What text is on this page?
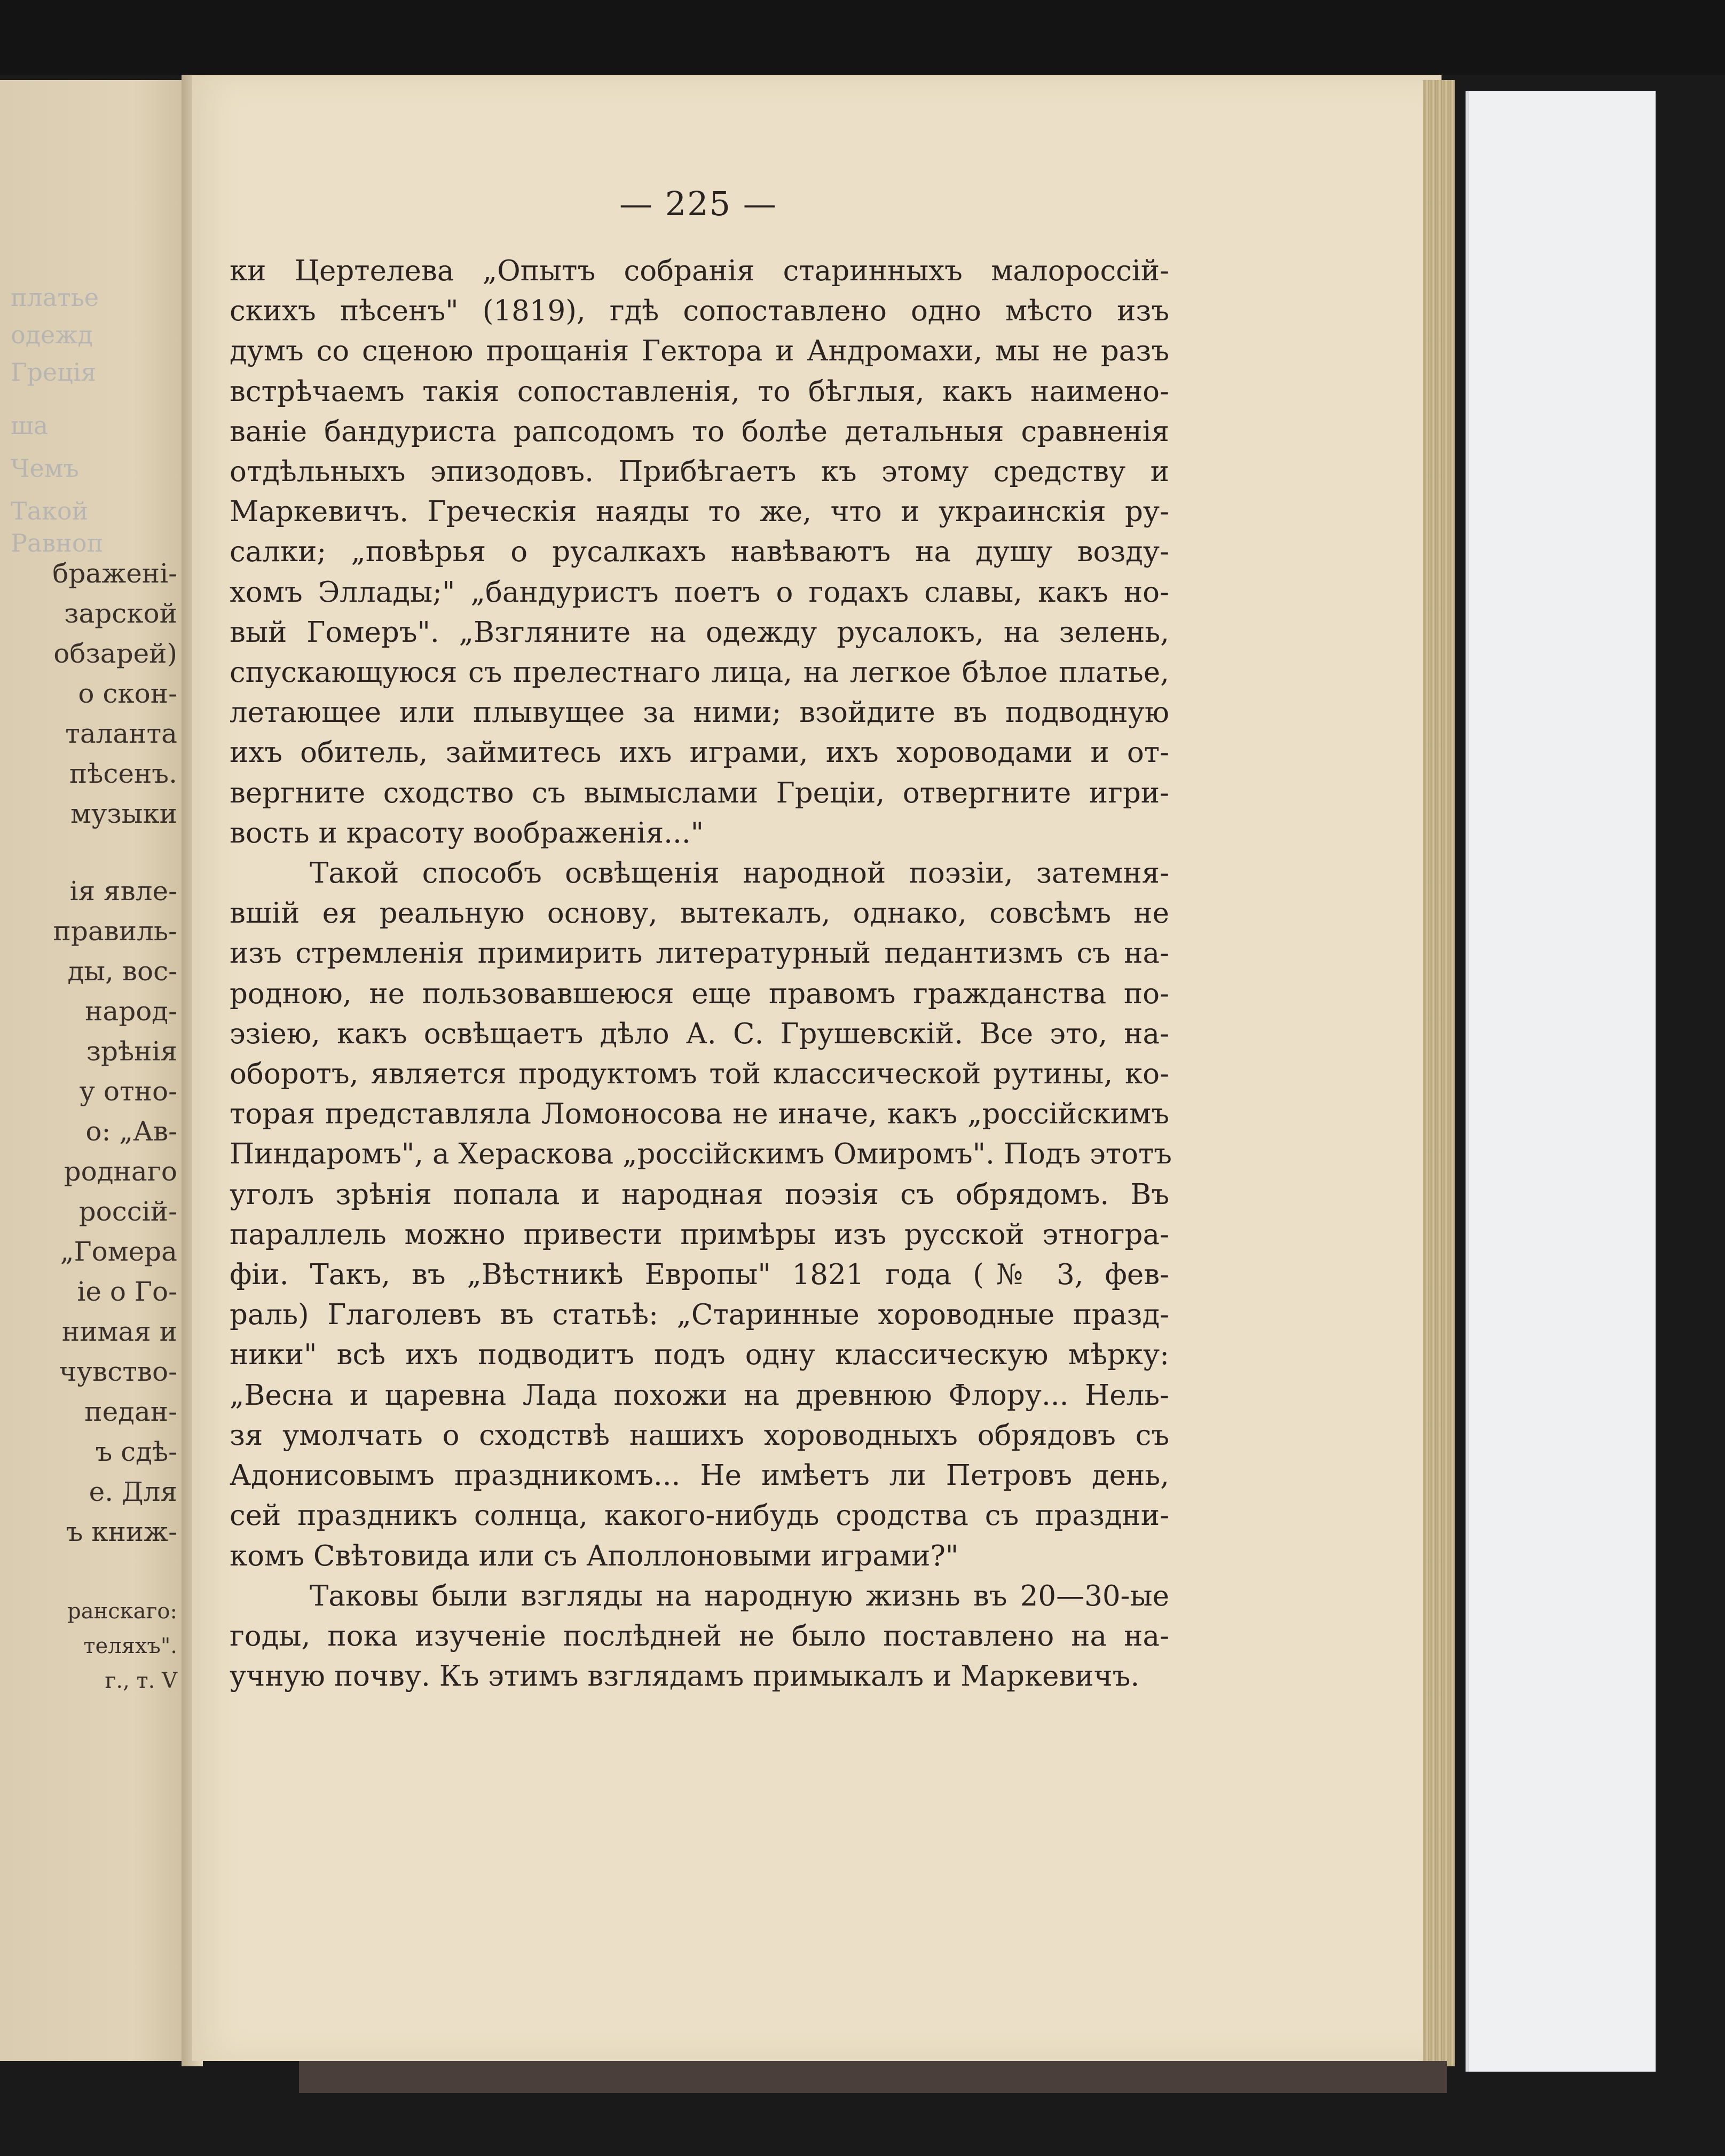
платье
одежд
Грецiя
ша
Чемъ
Такой
Равноп
браженi-
зарской
обзарей)
о скон-
таланта
пѣсенъ.
музыки
iя явле-
правиль-
ды, вос-
народ-
зрѣнiя
у отно-
о: „Ав-
роднаго
россiй-
„Гомера
iе о Го-
нимая и
чувство-
педан-
ъ сдѣ-
е. Для
ъ книж-
ранскаго:
теляхъ".
г., т. V
— 225 —
ки Цертелева „Опытъ собранiя старинныхъ малороссiй-
скихъ пѣсенъ" (1819), гдѣ сопоставлено одно мѣсто изъ
думъ со сценою прощанiя Гектора и Андромахи, мы не разъ
встрѣчаемъ такiя сопоставленiя, то бѣглыя, какъ наимено-
ванiе бандуриста рапсодомъ то болѣе детальныя сравненiя
отдѣльныхъ эпизодовъ. Прибѣгаетъ къ этому средству и
Маркевичъ. Греческiя наяды то же, что и украинскiя ру-
салки; „повѣрья о русалкахъ навѣваютъ на душу возду-
хомъ Эллады;" „бандуристъ поетъ о годахъ славы, какъ но-
вый Гомеръ". „Взгляните на одежду русалокъ, на зелень,
спускающуюся съ прелестнаго лица, на легкое бѣлое платье,
летающее или плывущее за ними; взойдите въ подводную
ихъ обитель, займитесь ихъ играми, ихъ хороводами и от-
вергните сходство съ вымыслами Грецiи, отвергните игри-
вость и красоту воображенiя..."
Такой способъ освѣщенiя народной поэзiи, затемня-
вшiй ея реальную основу, вытекалъ, однако, совсѣмъ не
изъ стремленiя примирить литературный педантизмъ съ на-
родною, не пользовавшеюся еще правомъ гражданства по-
эзiею, какъ освѣщаетъ дѣло А. С. Грушевскiй. Все это, на-
оборотъ, является продуктомъ той классической рутины, ко-
торая представляла Ломоносова не иначе, какъ „россiйскимъ
Пиндаромъ", а Хераскова „россiйскимъ Омиромъ". Подъ этотъ
уголъ зрѣнiя попала и народная поэзiя съ обрядомъ. Въ
параллель можно привести примѣры изъ русской этногра-
фiи. Такъ, въ „Вѣстникѣ Европы" 1821 года (№ 3, фев-
раль) Глаголевъ въ статьѣ: „Старинные хороводные празд-
ники" всѣ ихъ подводитъ подъ одну классическую мѣрку:
„Весна и царевна Лада похожи на древнюю Флору... Нель-
зя умолчать о сходствѣ нашихъ хороводныхъ обрядовъ съ
Адонисовымъ праздникомъ... Не имѣетъ ли Петровъ день,
сей праздникъ солнца, какого-нибудь сродства съ праздни-
комъ Свѣтовида или съ Аполлоновыми играми?"
Таковы были взгляды на народную жизнь въ 20—30-ые
годы, пока изученiе послѣдней не было поставлено на на-
учную почву. Къ этимъ взглядамъ примыкалъ и Маркевичъ.
